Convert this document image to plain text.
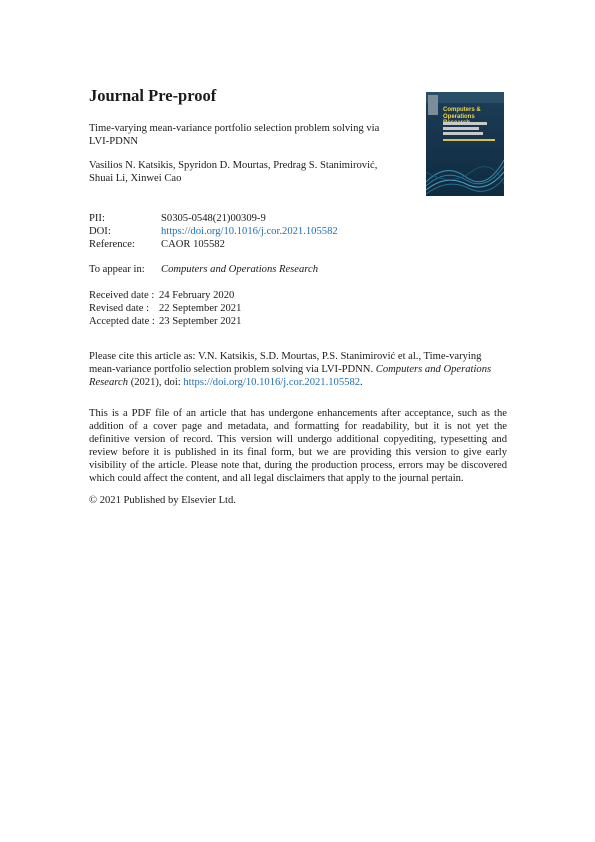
Journal Pre-proof
Computers & Operations
Time-varying mean-variance portfolio selection problem solving via LVI-PDNN
Vasilios N. Katsikis, Spyridon D. Mourtas, Predrag S. Stanimirović, Shuai Li, Xinwei Cao
PII:	S0305-0548(21)00309-9
DOI:	https://doi.org/10.1016/j.cor.2021.105582
Reference: CAOR 105582
To appear in: Computers and Operations Research
Received date : 24 February 2020
Revised date : 22 September 2021
Accepted date : 23 September 2021
Please cite this article as: V.N. Katsikis, S.D. Mourtas, P.S. Stanimirović et al., Time-varying mean-variance portfolio selection problem solving via LVI-PDNN. Computers and Operations Research (2021), doi: https://doi.org/10.1016/j.cor.2021.105582.
This is a PDF file of an article that has undergone enhancements after acceptance, such as the addition of a cover page and metadata, and formatting for readability, but it is not yet the definitive version of record. This version will undergo additional copyediting, typesetting and review before it is published in its final form, but we are providing this version to give early visibility of the article. Please note that, during the production process, errors may be discovered which could affect the content, and all legal disclaimers that apply to the journal pertain.
© 2021 Published by Elsevier Ltd.
